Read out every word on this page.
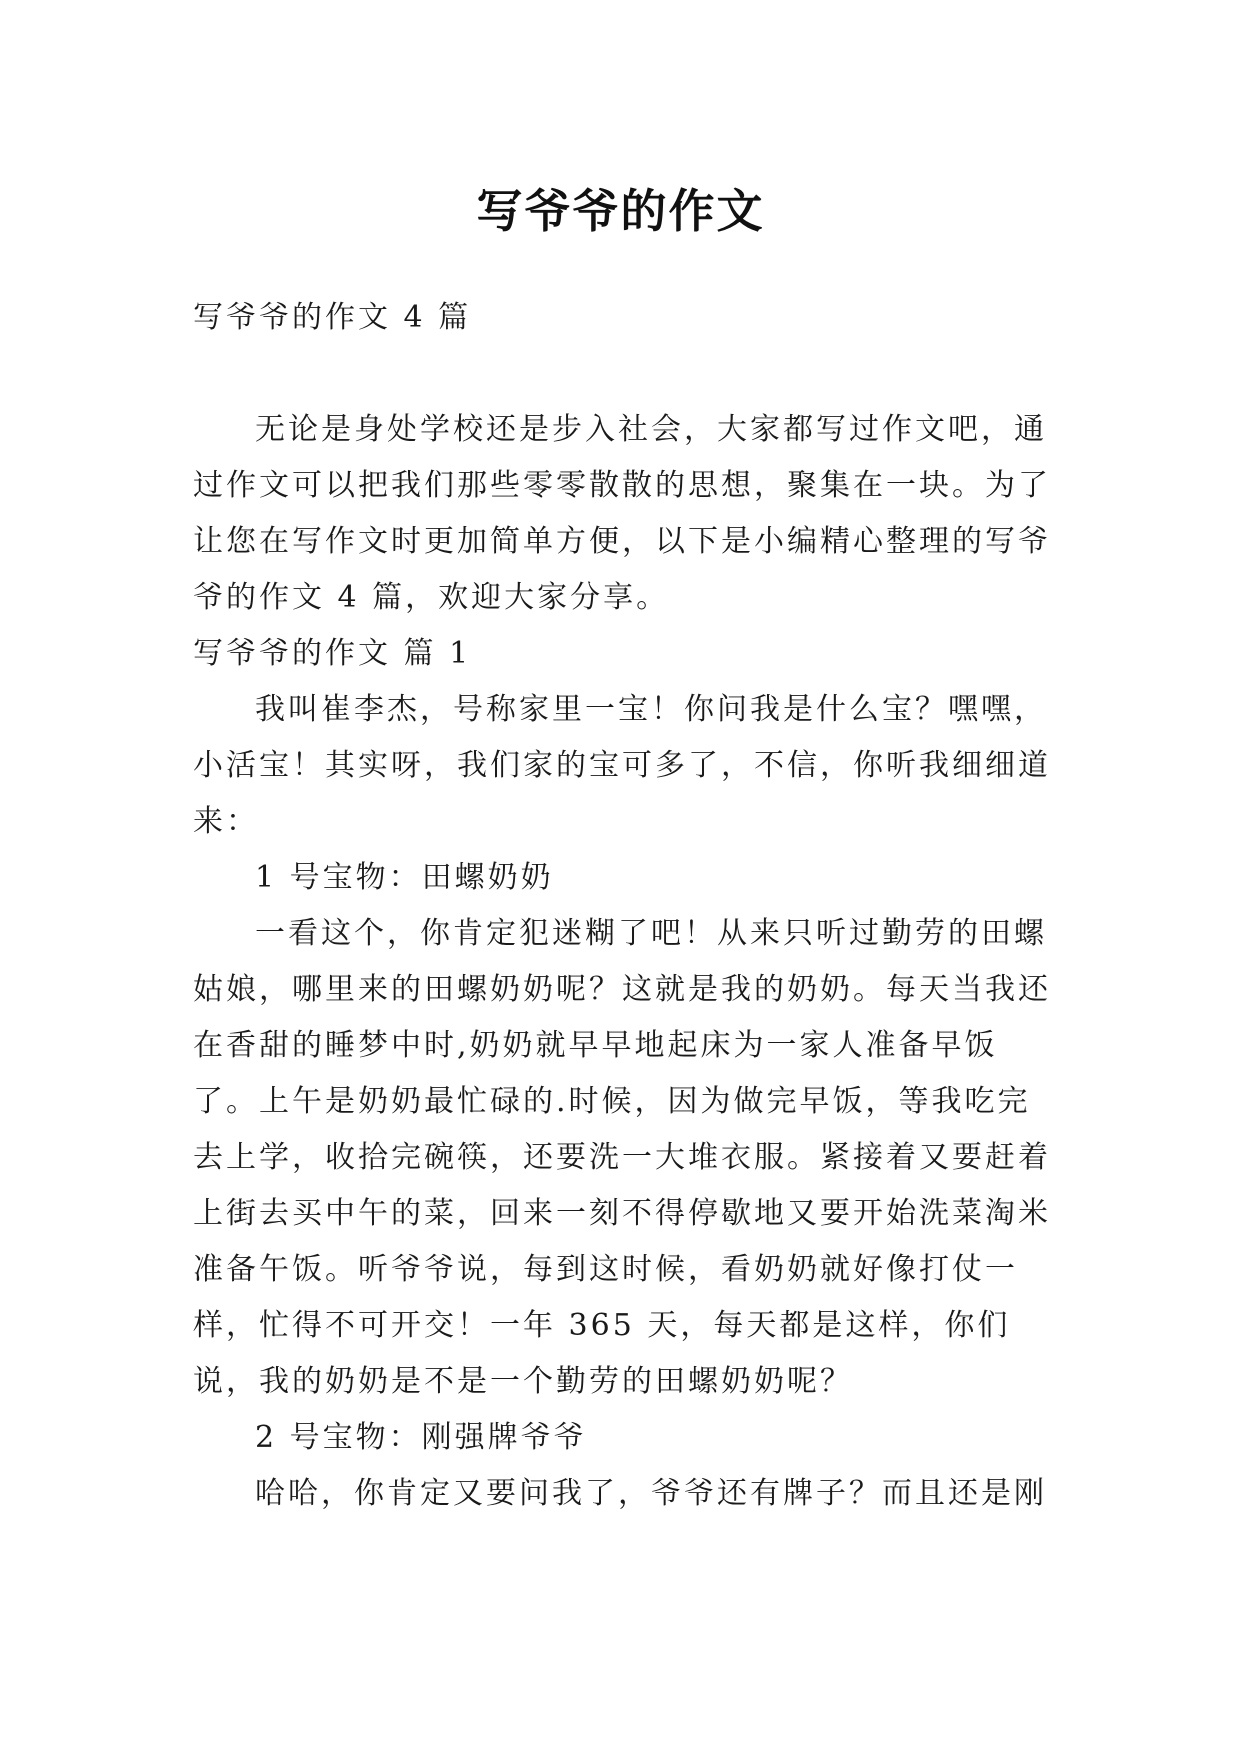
写爷爷的作文

写爷爷的作文 4 篇

无论是身处学校还是步入社会，大家都写过作文吧，通过作文可以把我们那些零零散散的思想，聚集在一块。为了让您在写作文时更加简单方便，以下是小编精心整理的写爷爷的作文 4 篇，欢迎大家分享。

写爷爷的作文 篇 1

我叫崔李杰，号称家里一宝！你问我是什么宝？嘿嘿，小活宝！其实呀，我们家的宝可多了，不信，你听我细细道来：

1 号宝物：田螺奶奶

一看这个，你肯定犯迷糊了吧！从来只听过勤劳的田螺姑娘，哪里来的田螺奶奶呢？这就是我的奶奶。每天当我还在香甜的睡梦中时,奶奶就早早地起床为一家人准备早饭了。上午是奶奶最忙碌的.时候，因为做完早饭，等我吃完去上学，收拾完碗筷，还要洗一大堆衣服。紧接着又要赶着上街去买中午的菜，回来一刻不得停歇地又要开始洗菜淘米准备午饭。听爷爷说，每到这时候，看奶奶就好像打仗一样，忙得不可开交！一年 365 天，每天都是这样，你们说，我的奶奶是不是一个勤劳的田螺奶奶呢？

2 号宝物：刚强牌爷爷

哈哈，你肯定又要问我了，爷爷还有牌子？而且还是刚
